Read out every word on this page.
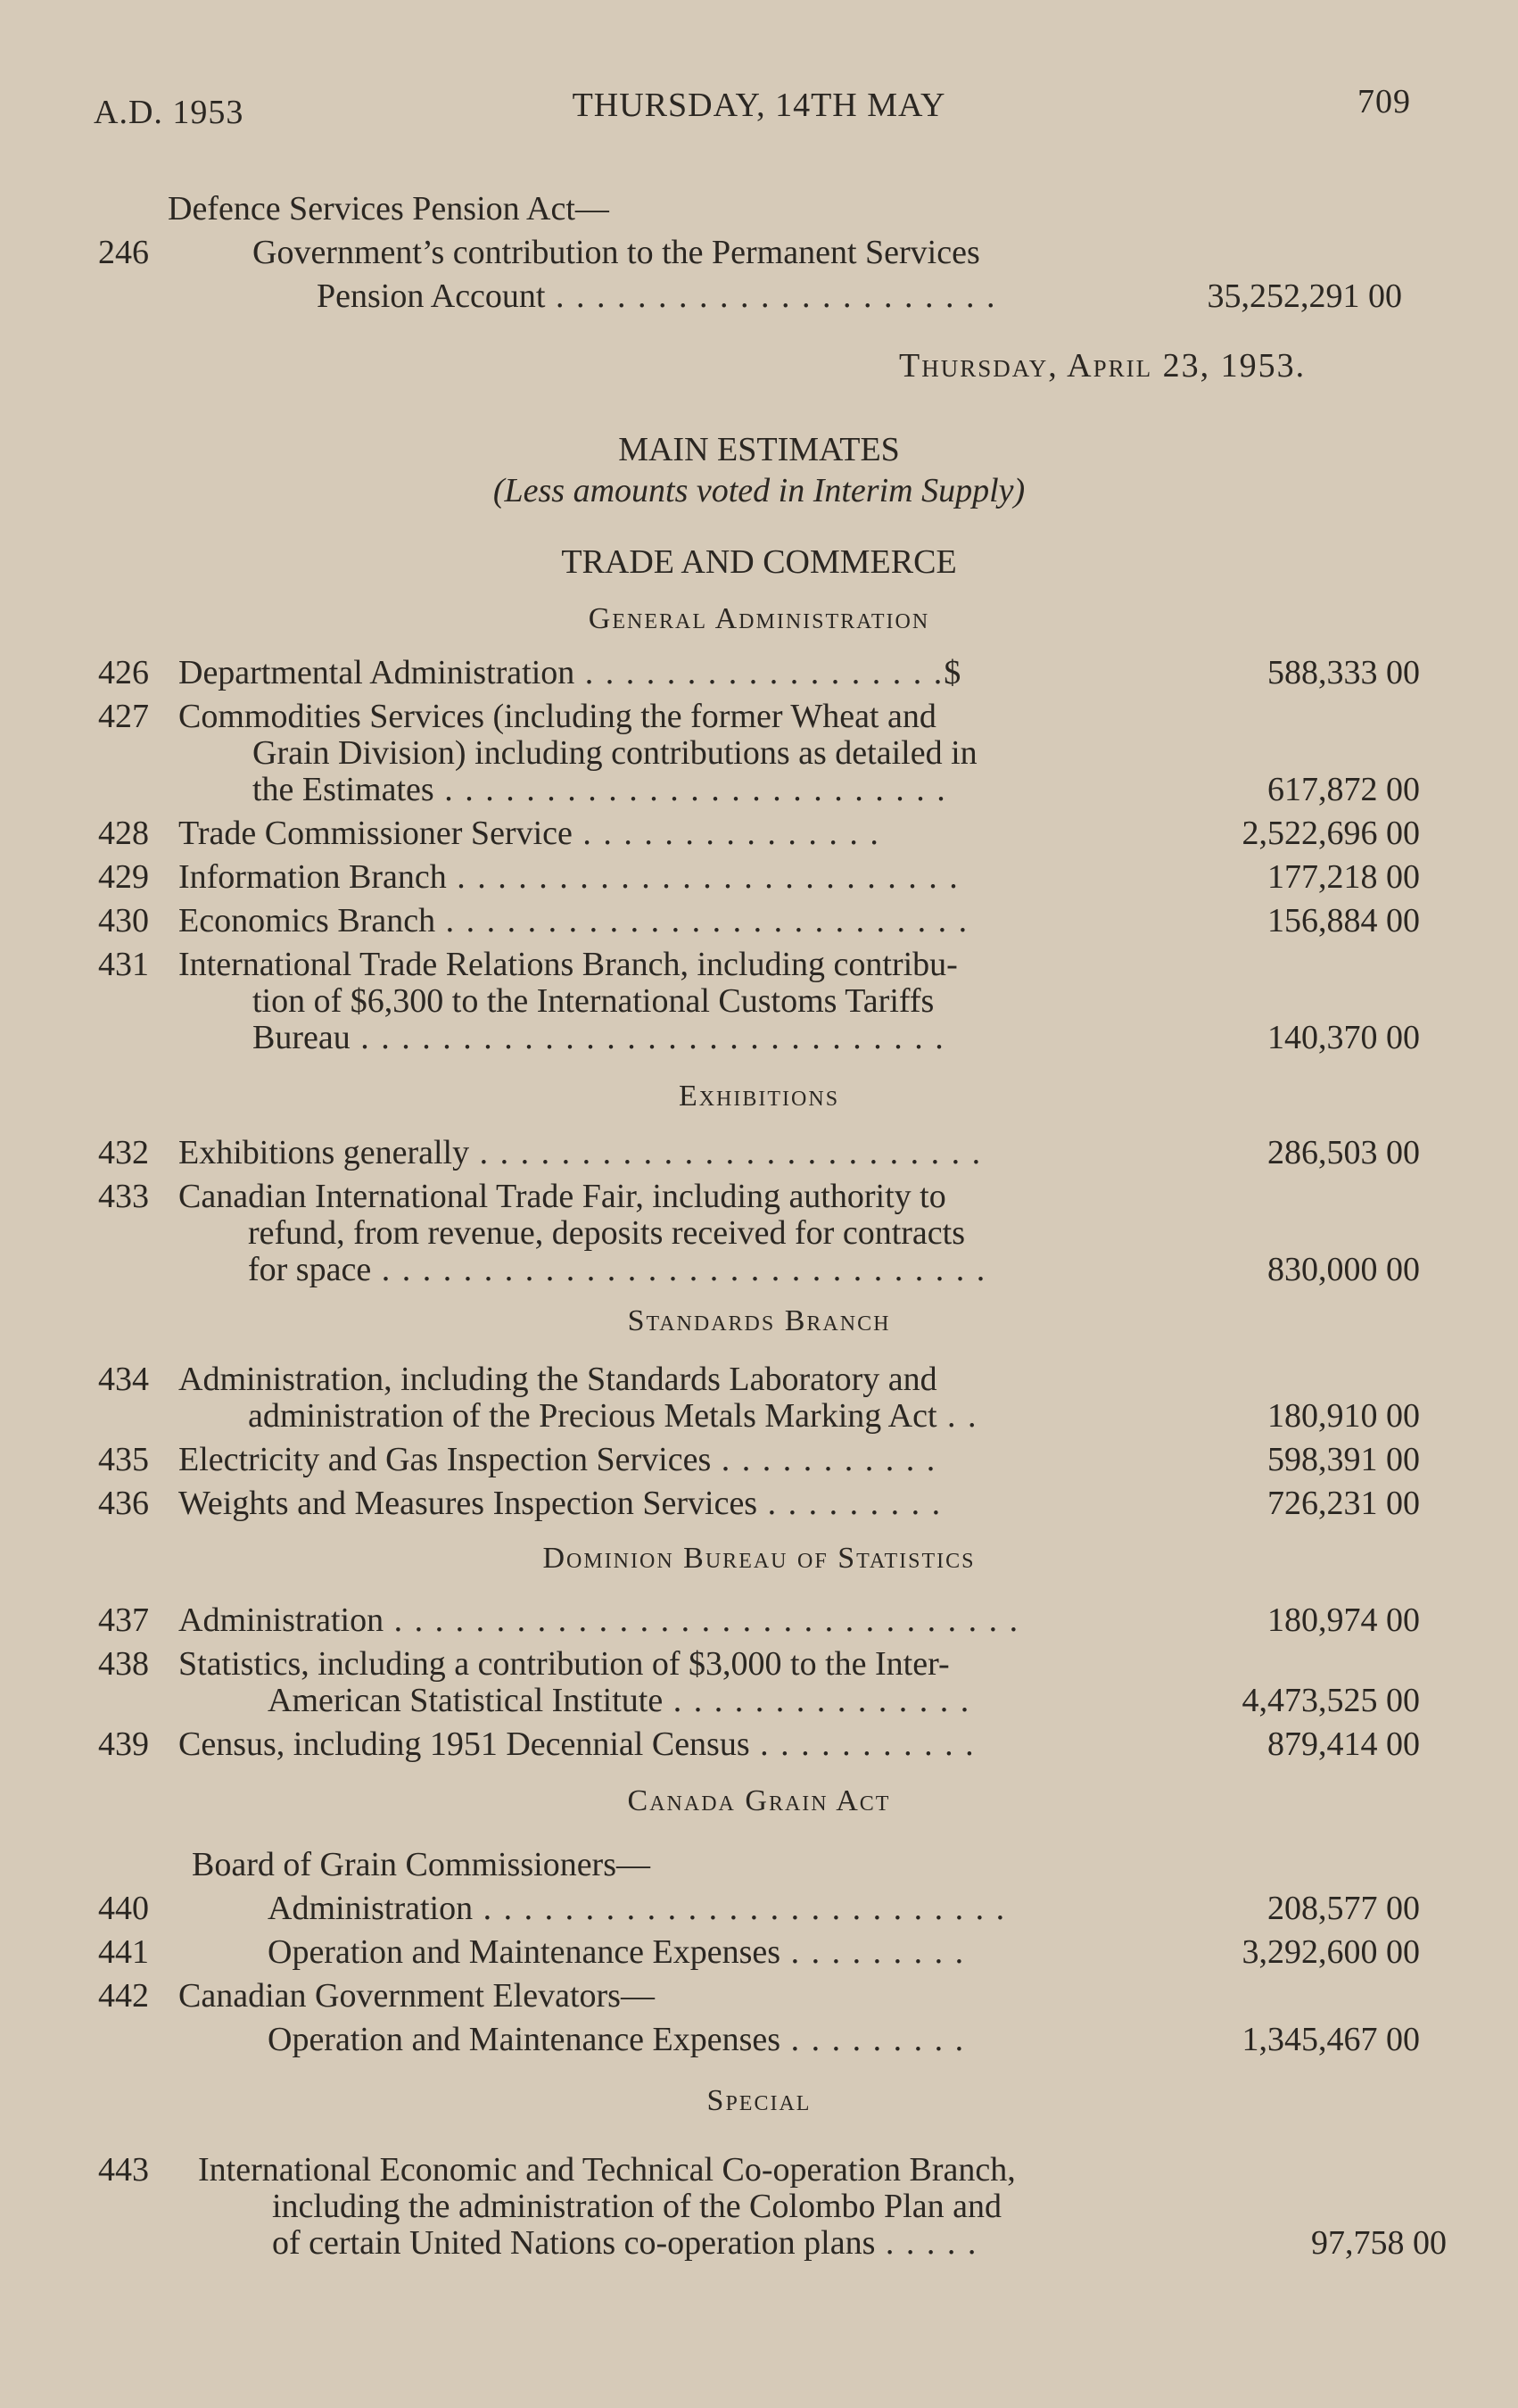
A.D. 1953	THURSDAY, 14TH MAY	709
Defence Services Pension Act—
246	Government’s contribution to the Permanent Services
Pension Account . . . . . . . . . . . . . . . . . . . . . .	35,252,291 00
Thursday, April 23, 1953.
MAIN ESTIMATES
(Less amounts voted in Interim Supply)
TRADE AND COMMERCE
General Administration
426 Departmental Administration . . . . . . . . . . . . . . . . . .$	588,333 00
427 Commodities Services (including the former Wheat and
Grain Division) including contributions as detailed in
the Estimates . . . . . . . . . . . . . . . . . . . . . . . . .	617,872 00
428 Trade Commissioner Service . . . . . . . . . . . . . . .	2,522,696 00
429 Information Branch . . . . . . . . . . . . . . . . . . . . . . . . .	177,218 00
430 Economics Branch . . . . . . . . . . . . . . . . . . . . . . . . . .	156,884 00
431 International Trade Relations Branch, including contribu-
tion of $6,300 to the International Customs Tariffs
Bureau . . . . . . . . . . . . . . . . . . . . . . . . . . . . .	140,370 00
Exhibitions
432 Exhibitions generally . . . . . . . . . . . . . . . . . . . . . . . . .	286,503 00
433 Canadian International Trade Fair, including authority to
refund, from revenue, deposits received for contracts
for space . . . . . . . . . . . . . . . . . . . . . . . . . . . . . .	830,000 00
Standards Branch
434 Administration, including the Standards Laboratory and
administration of the Precious Metals Marking Act . .	180,910 00
435 Electricity and Gas Inspection Services . . . . . . . . . . .	598,391 00
436 Weights and Measures Inspection Services . . . . . . . . .	726,231 00
Dominion Bureau of Statistics
437 Administration . . . . . . . . . . . . . . . . . . . . . . . . . . . . . . .	180,974 00
438 Statistics, including a contribution of $3,000 to the Inter-
American Statistical Institute . . . . . . . . . . . . . . .	4,473,525 00
439 Census, including 1951 Decennial Census . . . . . . . . . . .	879,414 00
Canada Grain Act
Board of Grain Commissioners—
440	Administration . . . . . . . . . . . . . . . . . . . . . . . . . .	208,577 00
441	Operation and Maintenance Expenses . . . . . . . . .	3,292,600 00
442 Canadian Government Elevators—
Operation and Maintenance Expenses . . . . . . . . .	1,345,467 00
Special
443	International Economic and Technical Co-operation Branch,
including the administration of the Colombo Plan and
of certain United Nations co-operation plans . . . . .	97,758 00
